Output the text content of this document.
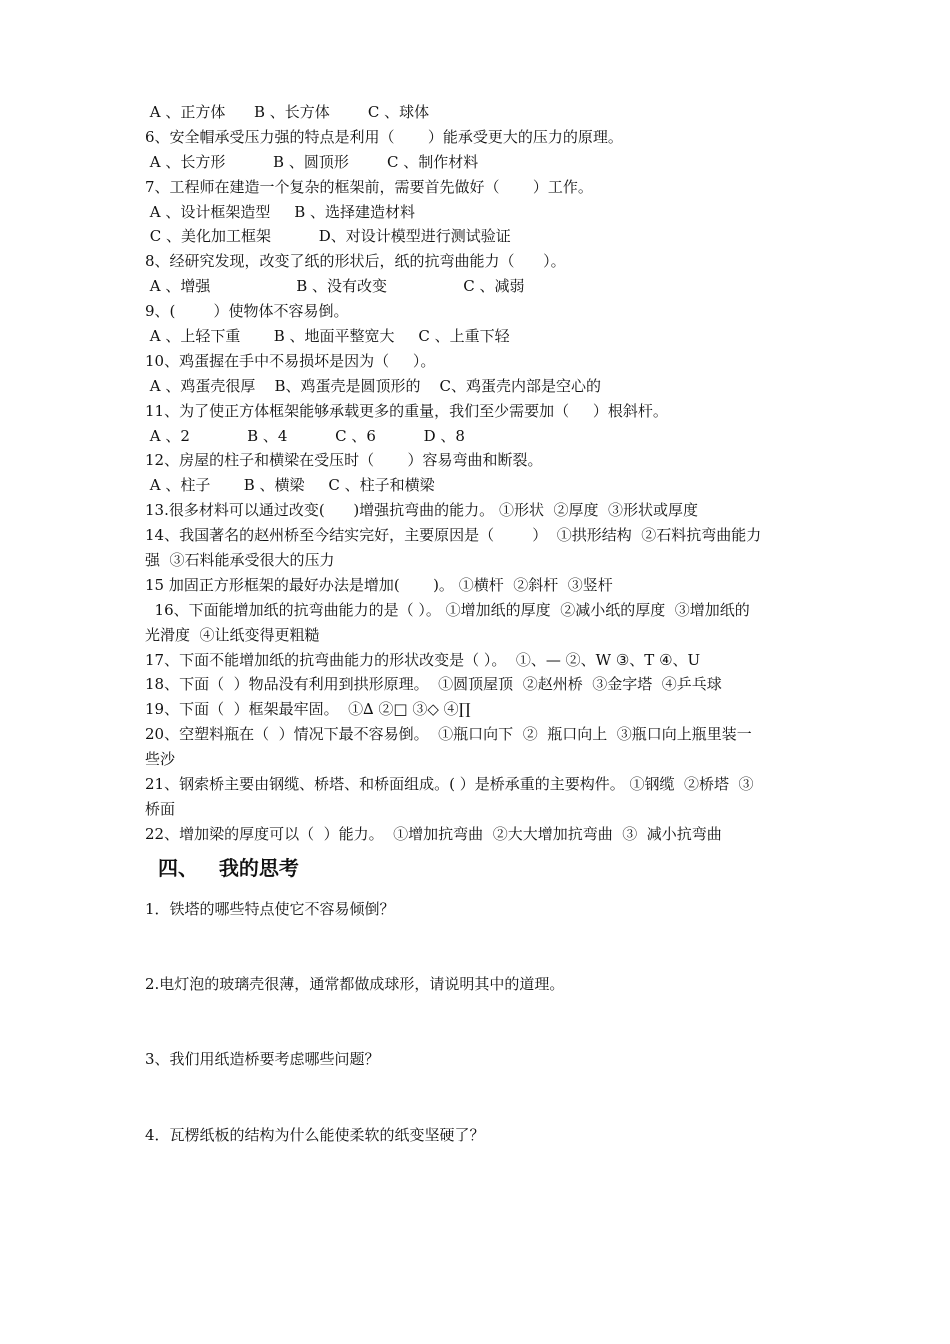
A 、正方体      B 、长方体        C 、球体
6、安全帽承受压力强的特点是利用（       ）能承受更大的压力的原理。
A 、长方形          B 、圆顶形        C 、制作材料
7、工程师在建造一个复杂的框架前，需要首先做好（       ）工作。
A 、设计框架造型     B 、选择建造材料
C 、美化加工框架          D、对设计模型进行测试验证
8、经研究发现，改变了纸的形状后，纸的抗弯曲能力（      ）。
A 、增强                  B 、没有改变                C 、减弱
9、(        ）使物体不容易倒。
A 、上轻下重       B 、地面平整宽大     C 、上重下轻
10、鸡蛋握在手中不易损坏是因为（     ）。
A 、鸡蛋壳很厚    B、鸡蛋壳是圆顶形的    C、鸡蛋壳内部是空心的
11、为了使正方体框架能够承载更多的重量，我们至少需要加（     ）根斜杆。
A 、2            B 、4          C 、6          D 、8
12、房屋的柱子和横梁在受压时（       ）容易弯曲和断裂。
A 、柱子       B 、横梁     C 、柱子和横梁
13.很多材料可以通过改变(      )增强抗弯曲的能力。 ①形状  ②厚度  ③形状或厚度
14、我国著名的赵州桥至今结实完好，主要原因是（        ）  ①拱形结构  ②石料抗弯曲能力
强  ③石料能承受很大的压力
15 加固正方形框架的最好办法是增加(       )。 ①横杆  ②斜杆  ③竖杆
16、下面能增加纸的抗弯曲能力的是（ ）。 ①增加纸的厚度  ②减小纸的厚度  ③增加纸的
光滑度  ④让纸变得更粗糙
17、下面不能增加纸的抗弯曲能力的形状改变是（ ）。  ①、— ②、W ③、T ④、U
18、下面（  ）物品没有利用到拱形原理。  ①圆顶屋顶  ②赵州桥  ③金字塔  ④乒乓球
19、下面（  ）框架最牢固。  ①∆ ②□ ③◇ ④∏
20、空塑料瓶在（  ）情况下最不容易倒。  ①瓶口向下  ②  瓶口向上  ③瓶口向上瓶里装一
些沙
21、钢索桥主要由钢缆、桥塔、和桥面组成。( ）是桥承重的主要构件。 ①钢缆  ②桥塔  ③
桥面
22、增加梁的厚度可以（  ）能力。  ①增加抗弯曲  ②大大增加抗弯曲  ③  减小抗弯曲
四、   我的思考
1．铁塔的哪些特点使它不容易倾倒？
2.电灯泡的玻璃壳很薄，通常都做成球形，请说明其中的道理。
3、我们用纸造桥要考虑哪些问题？
4．瓦楞纸板的结构为什么能使柔软的纸变坚硬了？
